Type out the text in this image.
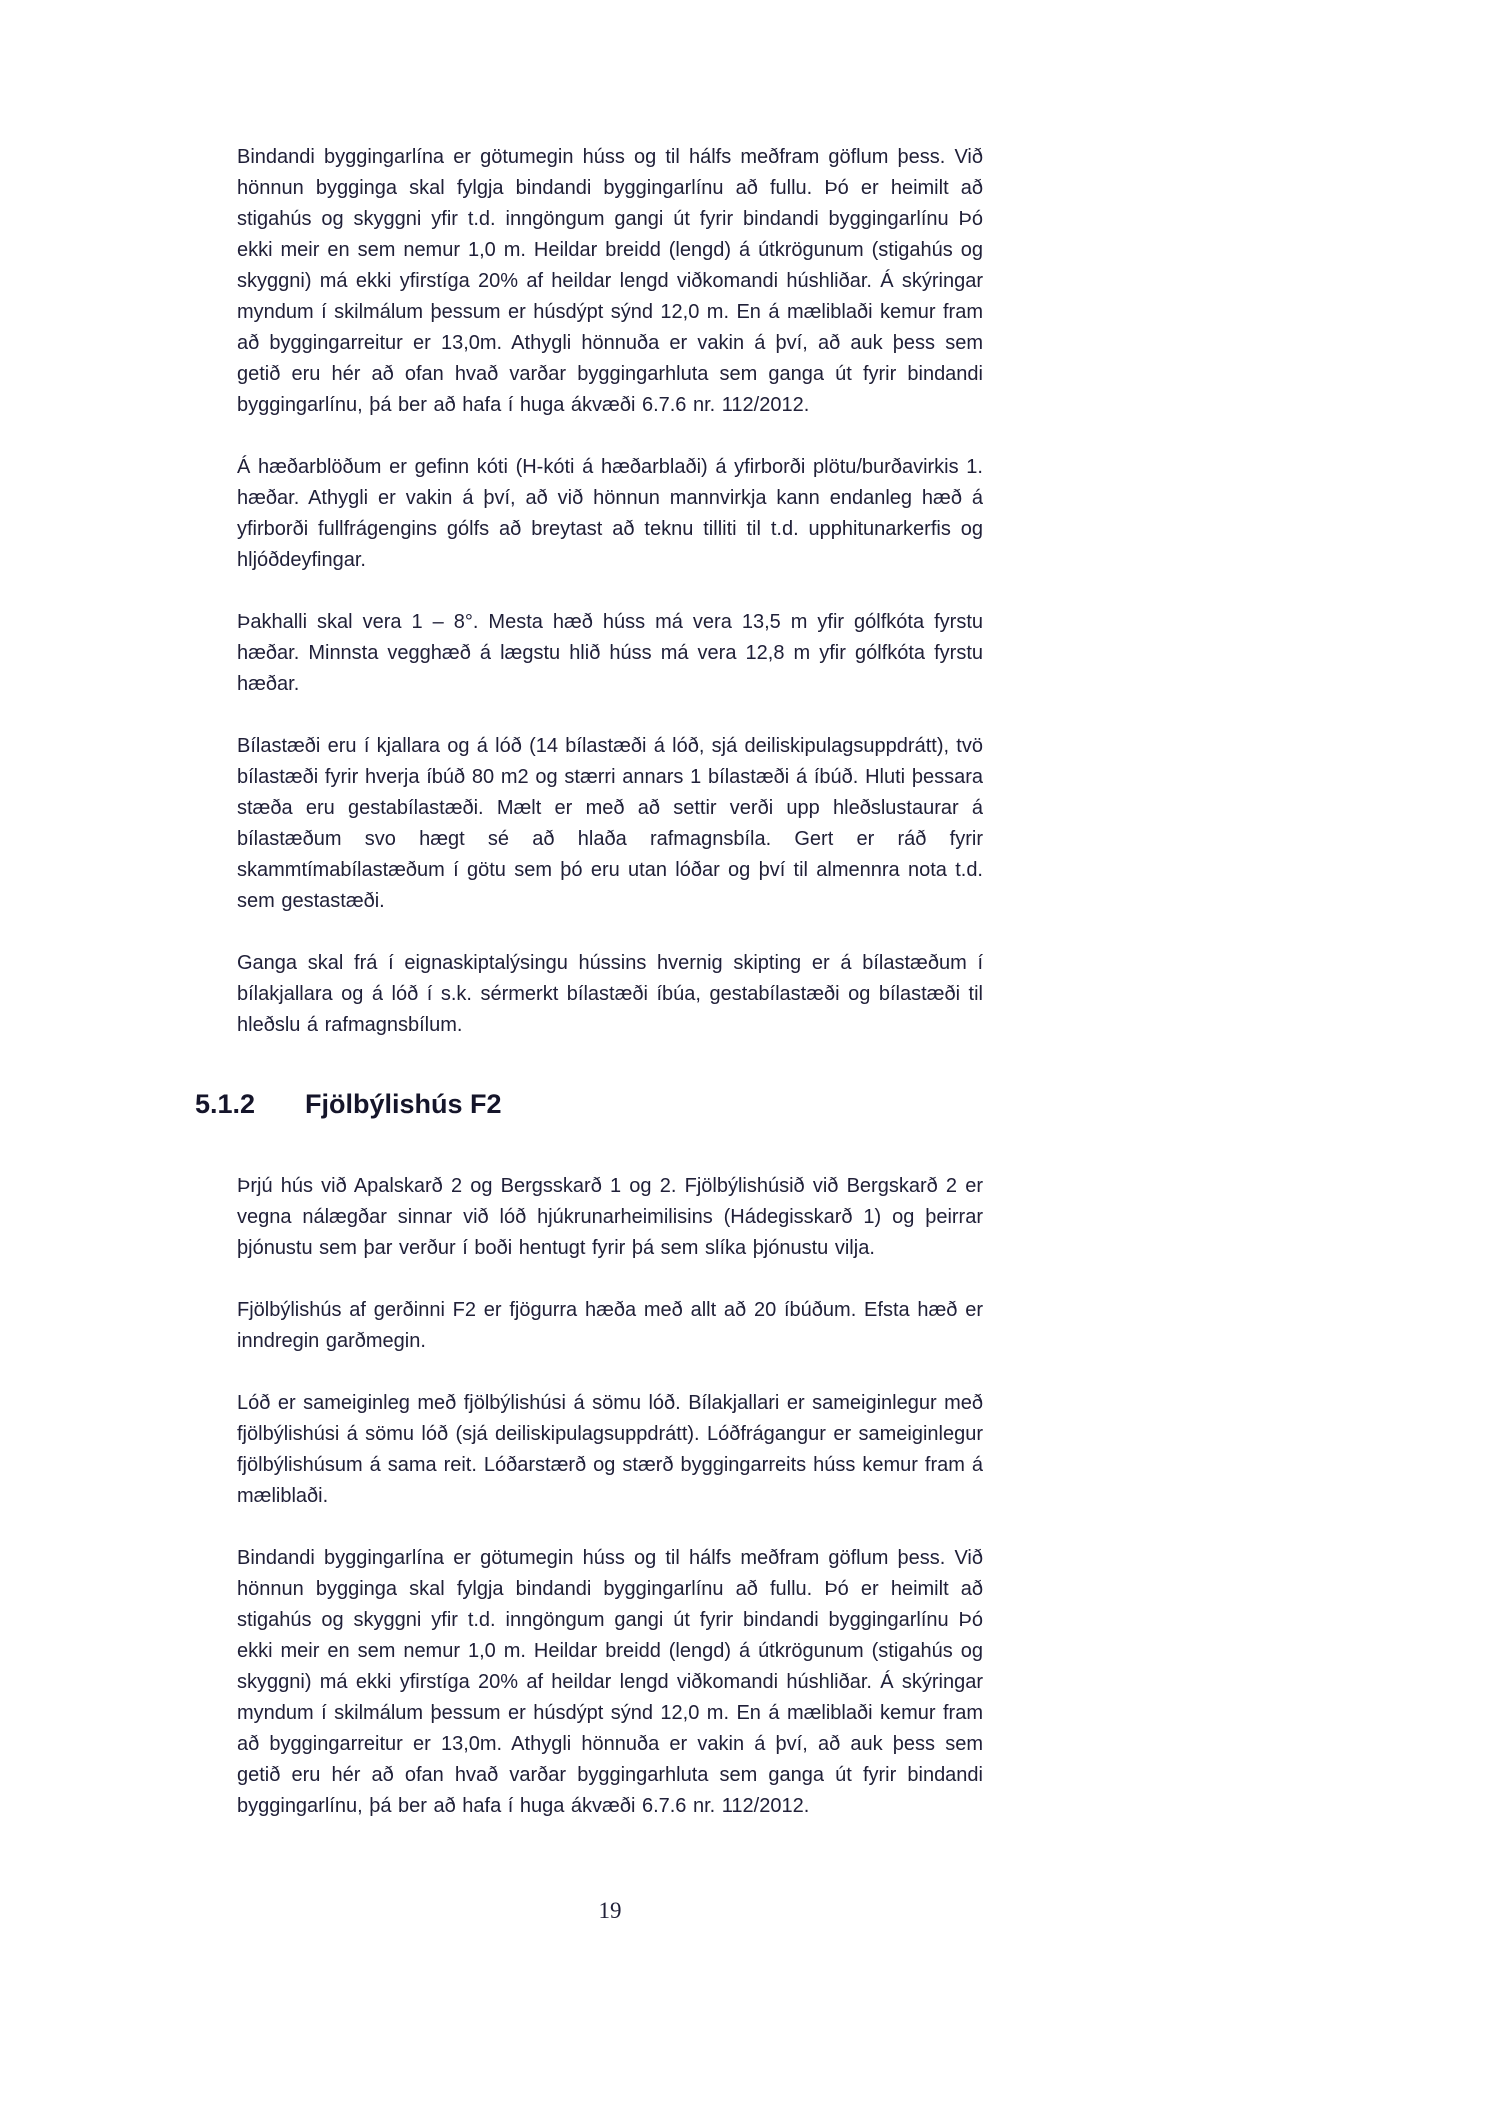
Bindandi byggingarlína er götumegin húss og til hálfs meðfram göflum þess. Við hönnun bygginga skal fylgja bindandi byggingarlínu að fullu. Þó er heimilt að stigahús og skyggni yfir t.d. inngöngum gangi út fyrir bindandi byggingarlínu Þó ekki meir en sem nemur 1,0 m. Heildar breidd (lengd) á útkrögunum (stigahús og skyggni) má ekki yfirstíga 20% af heildar lengd viðkomandi húshliðar. Á skýringar myndum í skilmálum þessum er húsdýpt sýnd 12,0 m. En á mæliblaði kemur fram að byggingarreitur er 13,0m. Athygli hönnuða er vakin á því, að auk þess sem getið eru hér að ofan hvað varðar byggingarhluta sem ganga út fyrir bindandi byggingarlínu, þá ber að hafa í huga ákvæði 6.7.6 nr. 112/2012.

Á hæðarblöðum er gefinn kóti (H-kóti á hæðarblaði) á yfirborði plötu/burðavirkis 1. hæðar. Athygli er vakin á því, að við hönnun mannvirkja kann endanleg hæð á yfirborði fullfrágengins gólfs að breytast að teknu tilliti til t.d. upphitunarkerfis og hljóðdeyfingar.

Þakhalli skal vera 1 – 8°. Mesta hæð húss má vera 13,5 m yfir gólfkóta fyrstu hæðar. Minnsta vegghæð á lægstu hlið húss má vera 12,8 m yfir gólfkóta fyrstu hæðar.

Bílastæði eru í kjallara og á lóð (14 bílastæði á lóð, sjá deiliskipulagsuppdrátt), tvö bílastæði fyrir hverja íbúð 80 m2 og stærri annars 1 bílastæði á íbúð. Hluti þessara stæða eru gestabílastæði. Mælt er með að settir verði upp hleðslustaurar á bílastæðum svo hægt sé að hlaða rafmagnsbíla. Gert er ráð fyrir skammtímabílastæðum í götu sem þó eru utan lóðar og því til almennra nota t.d. sem gestastæði.

Ganga skal frá í eignaskiptalýsingu hússins hvernig skipting er á bílastæðum í bílakjallara og á lóð í s.k. sérmerkt bílastæði íbúa, gestabílastæði og bílastæði til hleðslu á rafmagnsbílum.

5.1.2 Fjölbýlishús F2

Þrjú hús við Apalskarð 2 og Bergsskarð 1 og 2. Fjölbýlishúsið við Bergskarð 2 er vegna nálægðar sinnar við lóð hjúkrunarheimilisins (Hádegisskarð 1) og þeirrar þjónustu sem þar verður í boði hentugt fyrir þá sem slíka þjónustu vilja.

Fjölbýlishús af gerðinni F2 er fjögurra hæða með allt að 20 íbúðum. Efsta hæð er inndregin garðmegin.

Lóð er sameiginleg með fjölbýlishúsi á sömu lóð. Bílakjallari er sameiginlegur með fjölbýlishúsi á sömu lóð (sjá deiliskipulagsuppdrátt). Lóðfrágangur er sameiginlegur fjölbýlishúsum á sama reit. Lóðarstærð og stærð byggingarreits húss kemur fram á mæliblaði.

Bindandi byggingarlína er götumegin húss og til hálfs meðfram göflum þess. Við hönnun bygginga skal fylgja bindandi byggingarlínu að fullu. Þó er heimilt að stigahús og skyggni yfir t.d. inngöngum gangi út fyrir bindandi byggingarlínu Þó ekki meir en sem nemur 1,0 m. Heildar breidd (lengd) á útkrögunum (stigahús og skyggni) má ekki yfirstíga 20% af heildar lengd viðkomandi húshliðar. Á skýringar myndum í skilmálum þessum er húsdýpt sýnd 12,0 m. En á mæliblaði kemur fram að byggingarreitur er 13,0m. Athygli hönnuða er vakin á því, að auk þess sem getið eru hér að ofan hvað varðar byggingarhluta sem ganga út fyrir bindandi byggingarlínu, þá ber að hafa í huga ákvæði 6.7.6 nr. 112/2012.

19
